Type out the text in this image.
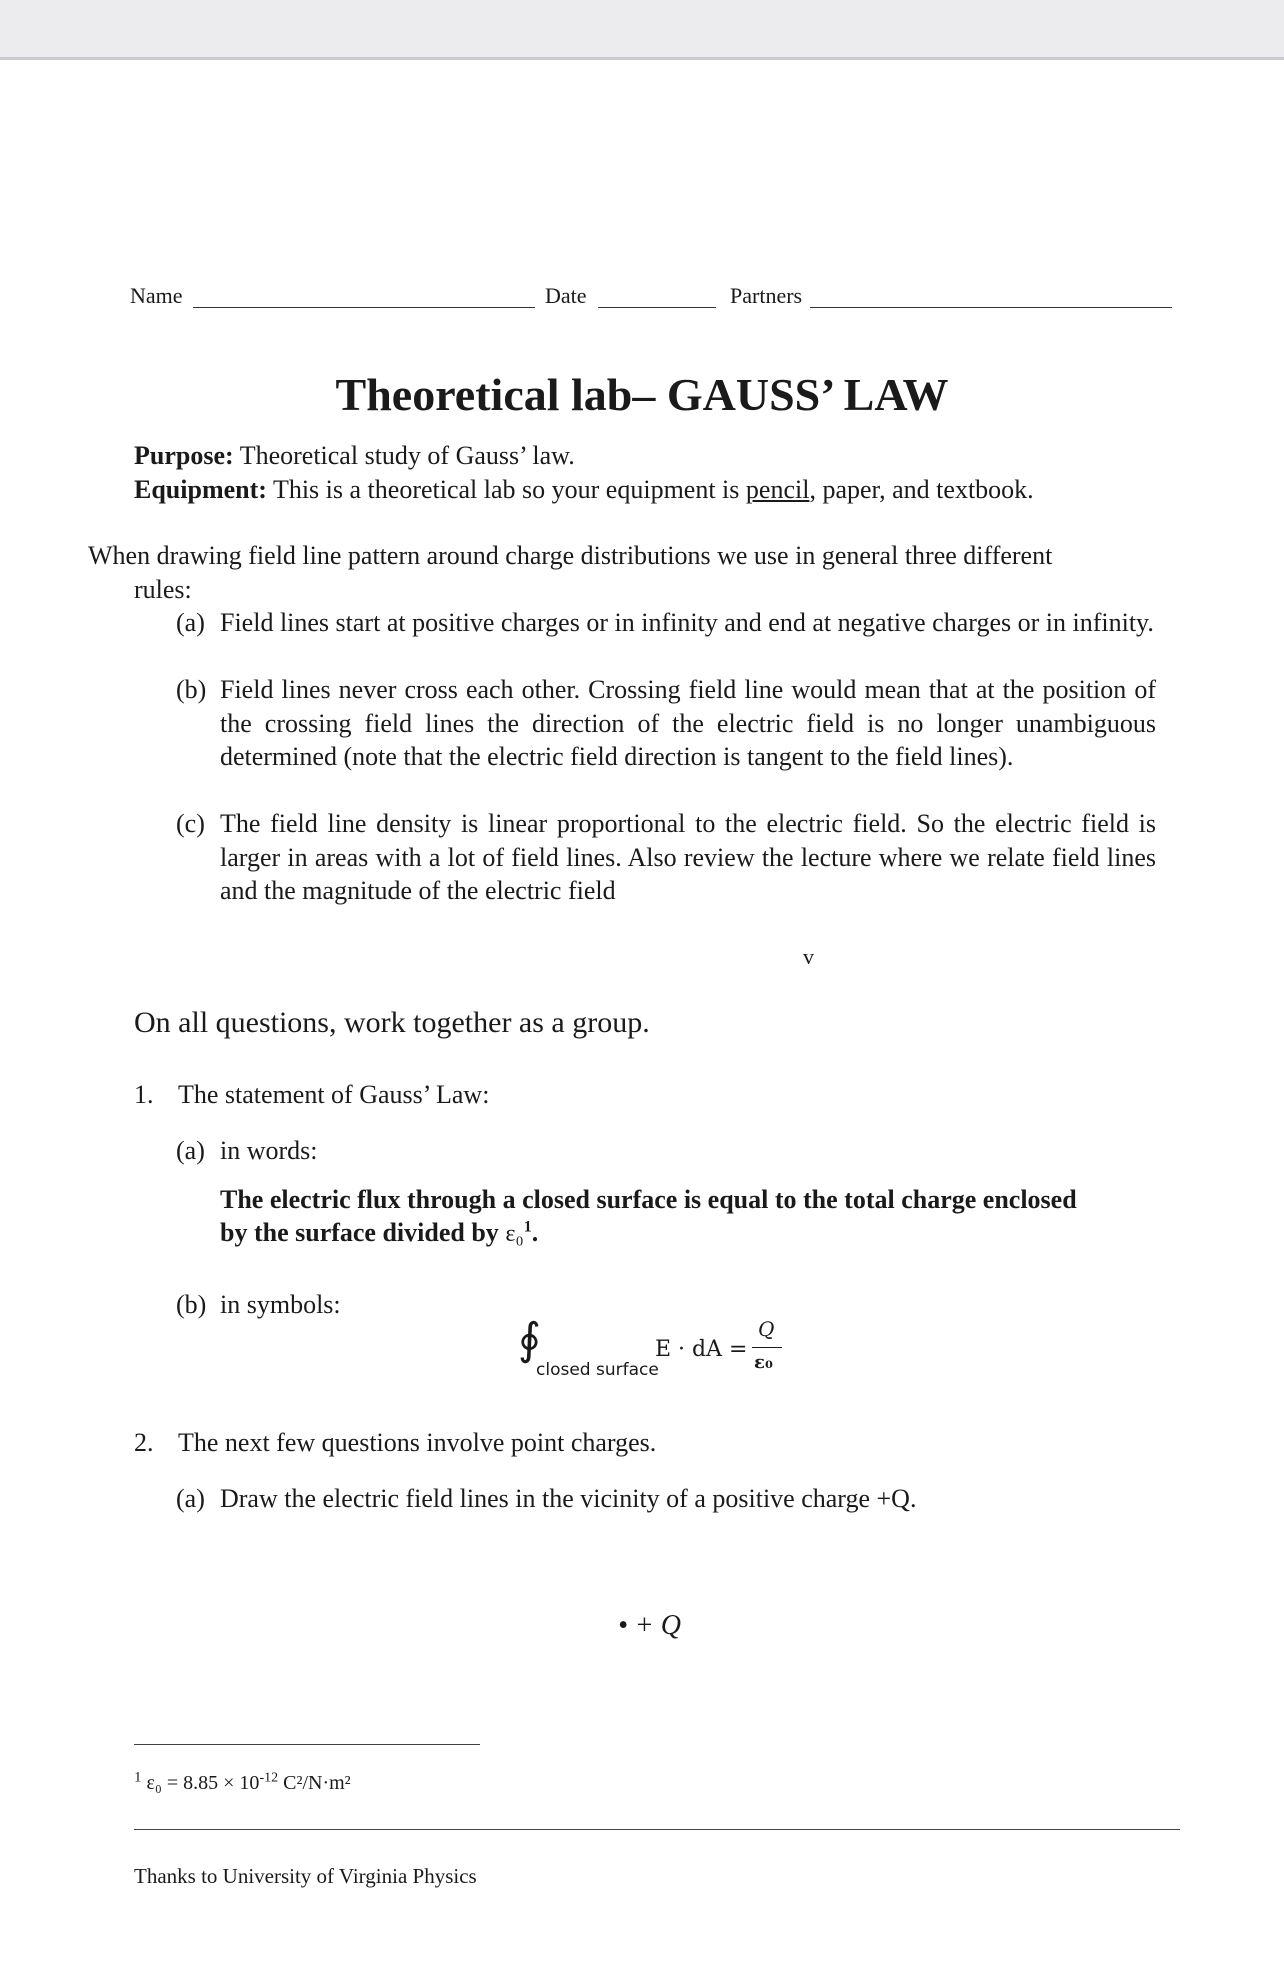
Name	Date	Partners
Theoretical lab– GAUSS’ LAW
Purpose: Theoretical study of Gauss’ law.
Equipment: This is a theoretical lab so your equipment is pencil, paper, and textbook.
When drawing field line pattern around charge distributions we use in general three different
rules:
(a) Field lines start at positive charges or in infinity and end at negative charges or in infinity.
(b) Field lines never cross each other. Crossing field line would mean that at the position of the crossing field lines the direction of the electric field is no longer unambiguous determined (note that the electric field direction is tangent to the field lines).
(c) The field line density is linear proportional to the electric field. So the electric field is larger in areas with a lot of field lines. Also review the lecture where we relate field lines and the magnitude of the electric field
v
On all questions, work together as a group.
1. The statement of Gauss’ Law:
(a) in words:
The electric flux through a closed surface is equal to the total charge enclosed
by the surface divided by ε₀$^1$.
(b) in symbols:
∮
closed surface
E · dA =
Q
ε₀
2. The next few questions involve point charges.
(a) Draw the electric field lines in the vicinity of a positive charge +Q.
• + Q
$^1$ $\varepsilon_0 = 8.85 \times 10^{-12}$ C²/N·m²
Thanks to University of Virginia Physics
